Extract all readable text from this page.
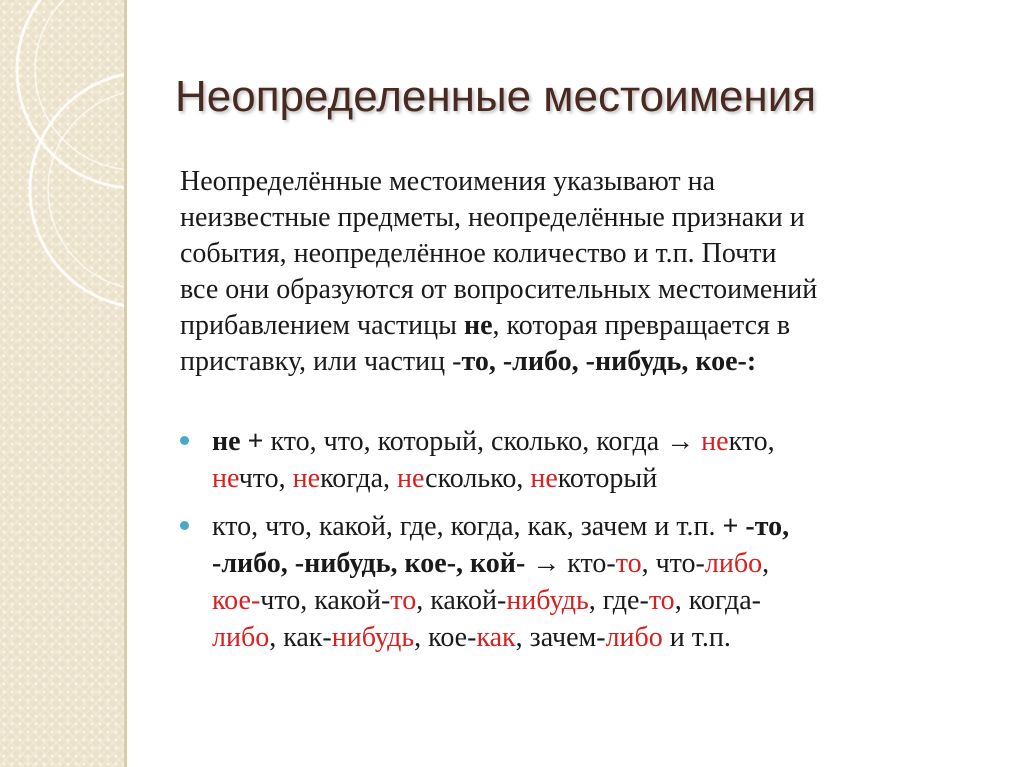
Неопределенные местоимения
Неопределённые местоимения указывают на
неизвестные предметы, неопределённые признаки и
события, неопределённое количество и т.п. Почти
все они образуются от вопросительных местоимений
прибавлением частицы не, которая превращается в
приставку, или частиц -то, -либо, -нибудь, кое-:
не + кто, что, который, сколько, когда → некто,
нечто, некогда, несколько, некоторый
кто, что, какой, где, когда, как, зачем и т.п. + -то,
-либо, -нибудь, кое-, кой- → кто-то, что-либо,
кое-что, какой-то, какой-нибудь, где-то, когда-
либо, как-нибудь, кое-как, зачем-либо и т.п.
